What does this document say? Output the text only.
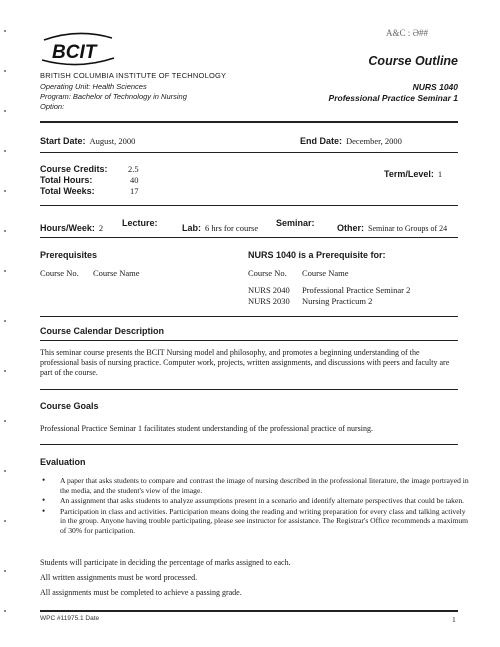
A&C : Ə##
BCIT
BRITISH COLUMBIA INSTITUTE OF TECHNOLOGY
Course Outline
NURS 1040
Professional Practice Seminar 1
Operating Unit: Health Sciences
Program: Bachelor of Technology in Nursing
Option:
Start Date: August, 2000	End Date: December, 2000
Course Credits: 2.5
Total Hours:	40
Total Weeks:	17
Term/Level: 1
Hours/Week: 2 Lecture:	Lab: 6 hrs for course Seminar: Other: Seminar to Groups of 24
Prerequisites
Course No. Course Name
NURS 1040 is a Prerequisite for:
Course No. Course Name
NURS 2040 Professional Practice Seminar 2
NURS 2030 Nursing Practicum 2
Course Calendar Description
This seminar course presents the BCIT Nursing model and philosophy, and promotes a beginning understanding of the professional basis of nursing practice. Computer work, projects, written assignments, and discussions with peers and faculty are part of the course.
Course Goals
Professional Practice Seminar 1 facilitates student understanding of the professional practice of nursing.
Evaluation
• A paper that asks students to compare and contrast the image of nursing described in the professional literature, the image portrayed in the media, and the student's view of the image.
• An assignment that asks students to analyze assumptions present in a scenario and identify alternate perspectives that could be taken.
• Participation in class and activities. Participation means doing the reading and writing preparation for every class and talking actively in the group. Anyone having trouble participating, please see instructor for assistance. The Registrar's Office recommends a maximum of 30% for participation.
Students will participate in deciding the percentage of marks assigned to each.
All written assignments must be word processed.
All assignments must be completed to achieve a passing grade.
WPC #11975.1 Date	1
